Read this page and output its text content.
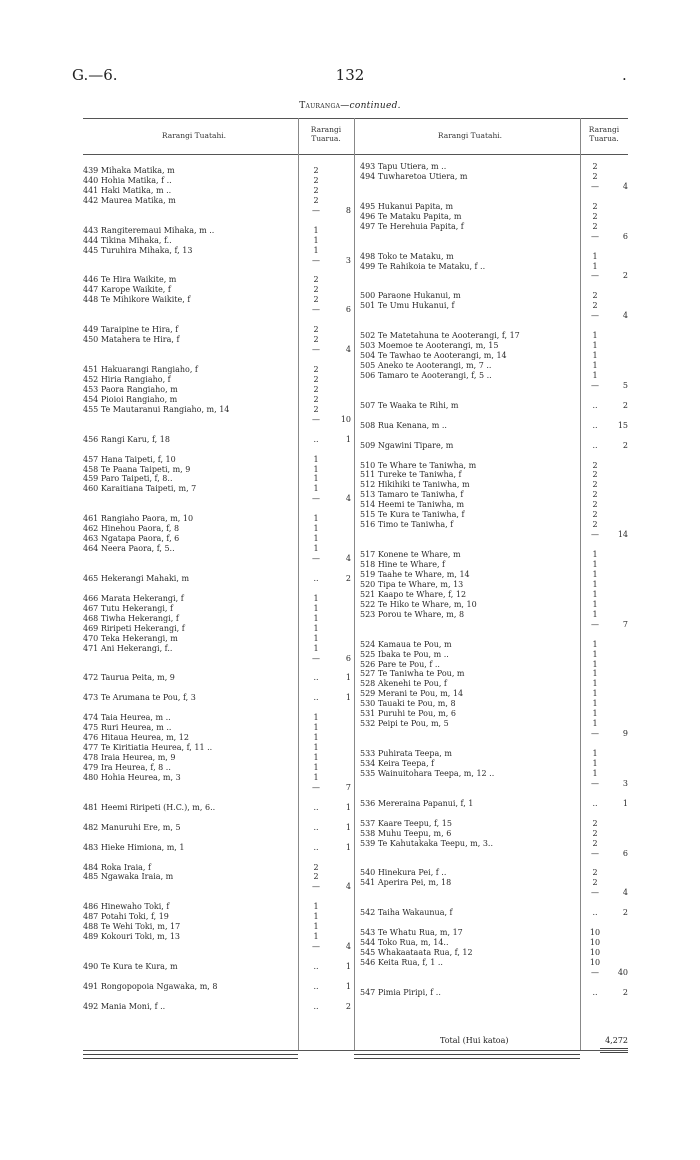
G.—6.	132	.
Tauranga—continued.
Rarangi Tuatahi.
Rarangi
Tuarua.	Rarangi Tuatahi.
Rarangi
Tuarua.
439 Mihaka Matika, m	2
440 Hohia Matika, f ..	2
441 Haki Matika, m ..	2
442 Maurea Matika, m	2
—	8
443 Rangiteremaui Mihaka, m ..	1
444 Tikina Mihaka, f..	1
445 Turuhira Mihaka, f, 13	1
—	3
446 Te Hira Waikite, m	2
447 Karope Waikite, f	2
448 Te Mihikore Waikite, f	2
—	6
449 Taraipine te Hira, f	2
450 Matahera te Hira, f	2
—	4
451 Hakuarangi Rangiaho, f	2
452 Hiria Rangiaho, f	2
453 Paora Rangiaho, m	2
454 Pioioi Rangiaho, m	2
455 Te Mautaranui Rangiaho, m, 14	2
—	10
456 Rangi Karu, f, 18	..	1
457 Hana Taipeti, f, 10	1
458 Te Paana Taipeti, m, 9	1
459 Paro Taipeti, f, 8..	1
460 Karaitiana Taipeti, m, 7	1
—	4
461 Rangiaho Paora, m, 10	1
462 Hinehou Paora, f, 8	1
463 Ngatapa Paora, f, 6	1
464 Neera Paora, f, 5..	1
—	4
465 Hekerangi Mahaki, m	..	2
466 Marata Hekerangi, f	1
467 Tutu Hekerangi, f	1
468 Tiwha Hekerangi, f	1
469 Riripeti Hekerangi, f	1
470 Teka Hekerangi, m	1
471 Ani Hekerangi, f..	1
—	6
472 Taurua Peita, m, 9	..	1
473 Te Arumana te Pou, f, 3	..	1
474 Taia Heurea, m ..	1
475 Ruri Heurea, m ..	1
476 Hitaua Heurea, m, 12	1
477 Te Kiritiatia Heurea, f, 11 ..	1
478 Iraia Heurea, m, 9	1
479 Ira Heurea, f, 8 ..	1
480 Hohia Heurea, m, 3	1
—	7
481 Heemi Riripeti (H.C.), m, 6..	..	1
482 Manuruhi Ere, m, 5	..	1
483 Hieke Himiona, m, 1	..	1
484 Roka Iraia, f	2
485 Ngawaka Iraia, m	2
—	4
486 Hinewaho Toki, f	1
487 Potahi Toki, f, 19	1
488 Te Wehi Toki, m, 17	1
489 Kokouri Toki, m, 13	1
—	4
490 Te Kura te Kura, m	..	1
491 Rongopopoia Ngawaka, m, 8	..	1
492 Mania Moni, f ..	..	2
493 Tapu Utiera, m ..	2
494 Tuwharetoa Utiera, m	2
—	4
495 Hukanui Papita, m	2
496 Te Mataku Papita, m	2
497 Te Herehuia Papita, f	2
—	6
498 Toko te Mataku, m	1
499 Te Rahikoia te Mataku, f ..	1
—	2
500 Paraone Hukanui, m	2
501 Te Umu Hukanui, f	2
—	4
502 Te Matetahuna te Aooterangi, f, 17	1
503 Moemoe te Aooterangi, m, 15	1
504 Te Tawhao te Aooterangi, m, 14	1
505 Aneko te Aooterangi, m, 7 ..	1
506 Tamaro te Aooterangi, f, 5 ..	1
—	5
507 Te Waaka te Rihi, m	..	2
508 Rua Kenana, m ..	..	15
509 Ngawini Tipare, m	..	2
510 Te Whare te Taniwha, m	2
511 Tureke te Taniwha, f	2
512 Hikihiki te Taniwha, m	2
513 Tamaro te Taniwha, f	2
514 Heemi te Taniwha, m	2
515 Te Kura te Taniwha, f	2
516 Timo te Taniwha, f	2
—	14
517 Konene te Whare, m	1
518 Hine te Whare, f	1
519 Taahe te Whare, m, 14	1
520 Tipa te Whare, m, 13	1
521 Kaapo te Whare, f, 12	1
522 Te Hiko te Whare, m, 10	1
523 Porou te Whare, m, 8	1
—	7
524 Kamaua te Pou, m	1
525 Ibaka te Pou, m ..	1
526 Pare te Pou, f ..	1
527 Te Taniwha te Pou, m	1
528 Akenehi te Pou, f	1
529 Merani te Pou, m, 14	1
530 Tauaki te Pou, m, 8	1
531 Puruhi te Pou, m, 6	1
532 Peipi te Pou, m, 5	1
—	9
533 Puhirata Teepa, m	1
534 Keira Teepa, f	1
535 Wainuitohara Teepa, m, 12 ..	1
—	3
536 Mereraina Papanui, f, 1	..	1
537 Kaare Teepu, f, 15	2
538 Muhu Teepu, m, 6	2
539 Te Kahutakaka Teepu, m, 3..	2
—	6
540 Hinekura Pei, f ..	2
541 Aperira Pei, m, 18	2
—	4
542 Taiha Wakaunua, f	..	2
543 Te Whatu Rua, m, 17	10
544 Toko Rua, m, 14..	10
545 Whakaataata Rua, f, 12	10
546 Keita Rua, f, 1 ..	10
—	40
547 Pimia Piripi, f ..	..	2
Total (Hui katoa)	4,272
